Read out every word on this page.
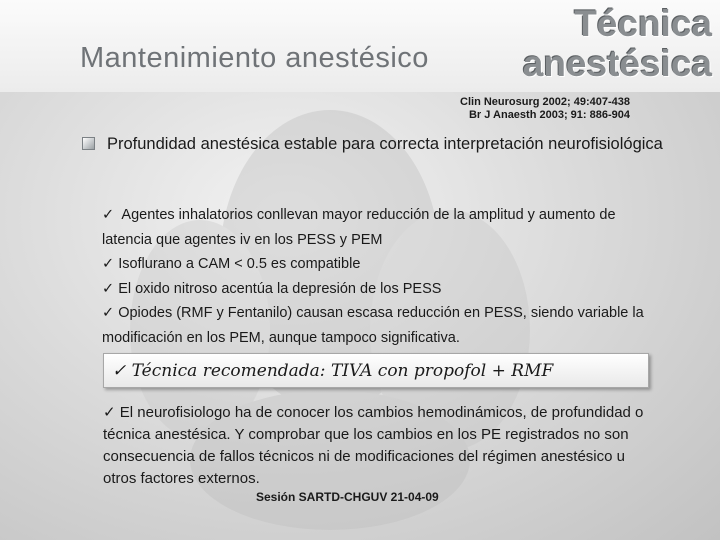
Mantenimiento anestésico
Técnica
anestésica
Clin Neurosurg 2002; 49:407-438
Br J Anaesth 2003; 91: 886-904
Profundidad anestésica estable para correcta interpretación neurofisiológica
✓ Agentes inhalatorios conllevan mayor reducción de la amplitud y aumento de latencia que agentes iv en los PESS y PEM
✓ Isoflurano a CAM < 0.5 es compatible
✓ El oxido nitroso acentúa la depresión de los PESS
✓ Opiodes (RMF y Fentanilo) causan escasa reducción en PESS, siendo variable la modificación en los PEM, aunque tampoco significativa.
✓ Técnica recomendada: TIVA con propofol + RMF
✓ El neurofisiologo ha de conocer los cambios hemodinámicos, de profundidad o técnica anestésica. Y comprobar que los cambios en los PE registrados no son consecuencia de fallos técnicos ni de modificaciones del régimen anestésico u otros factores externos.
Sesión SARTD-CHGUV 21-04-09
